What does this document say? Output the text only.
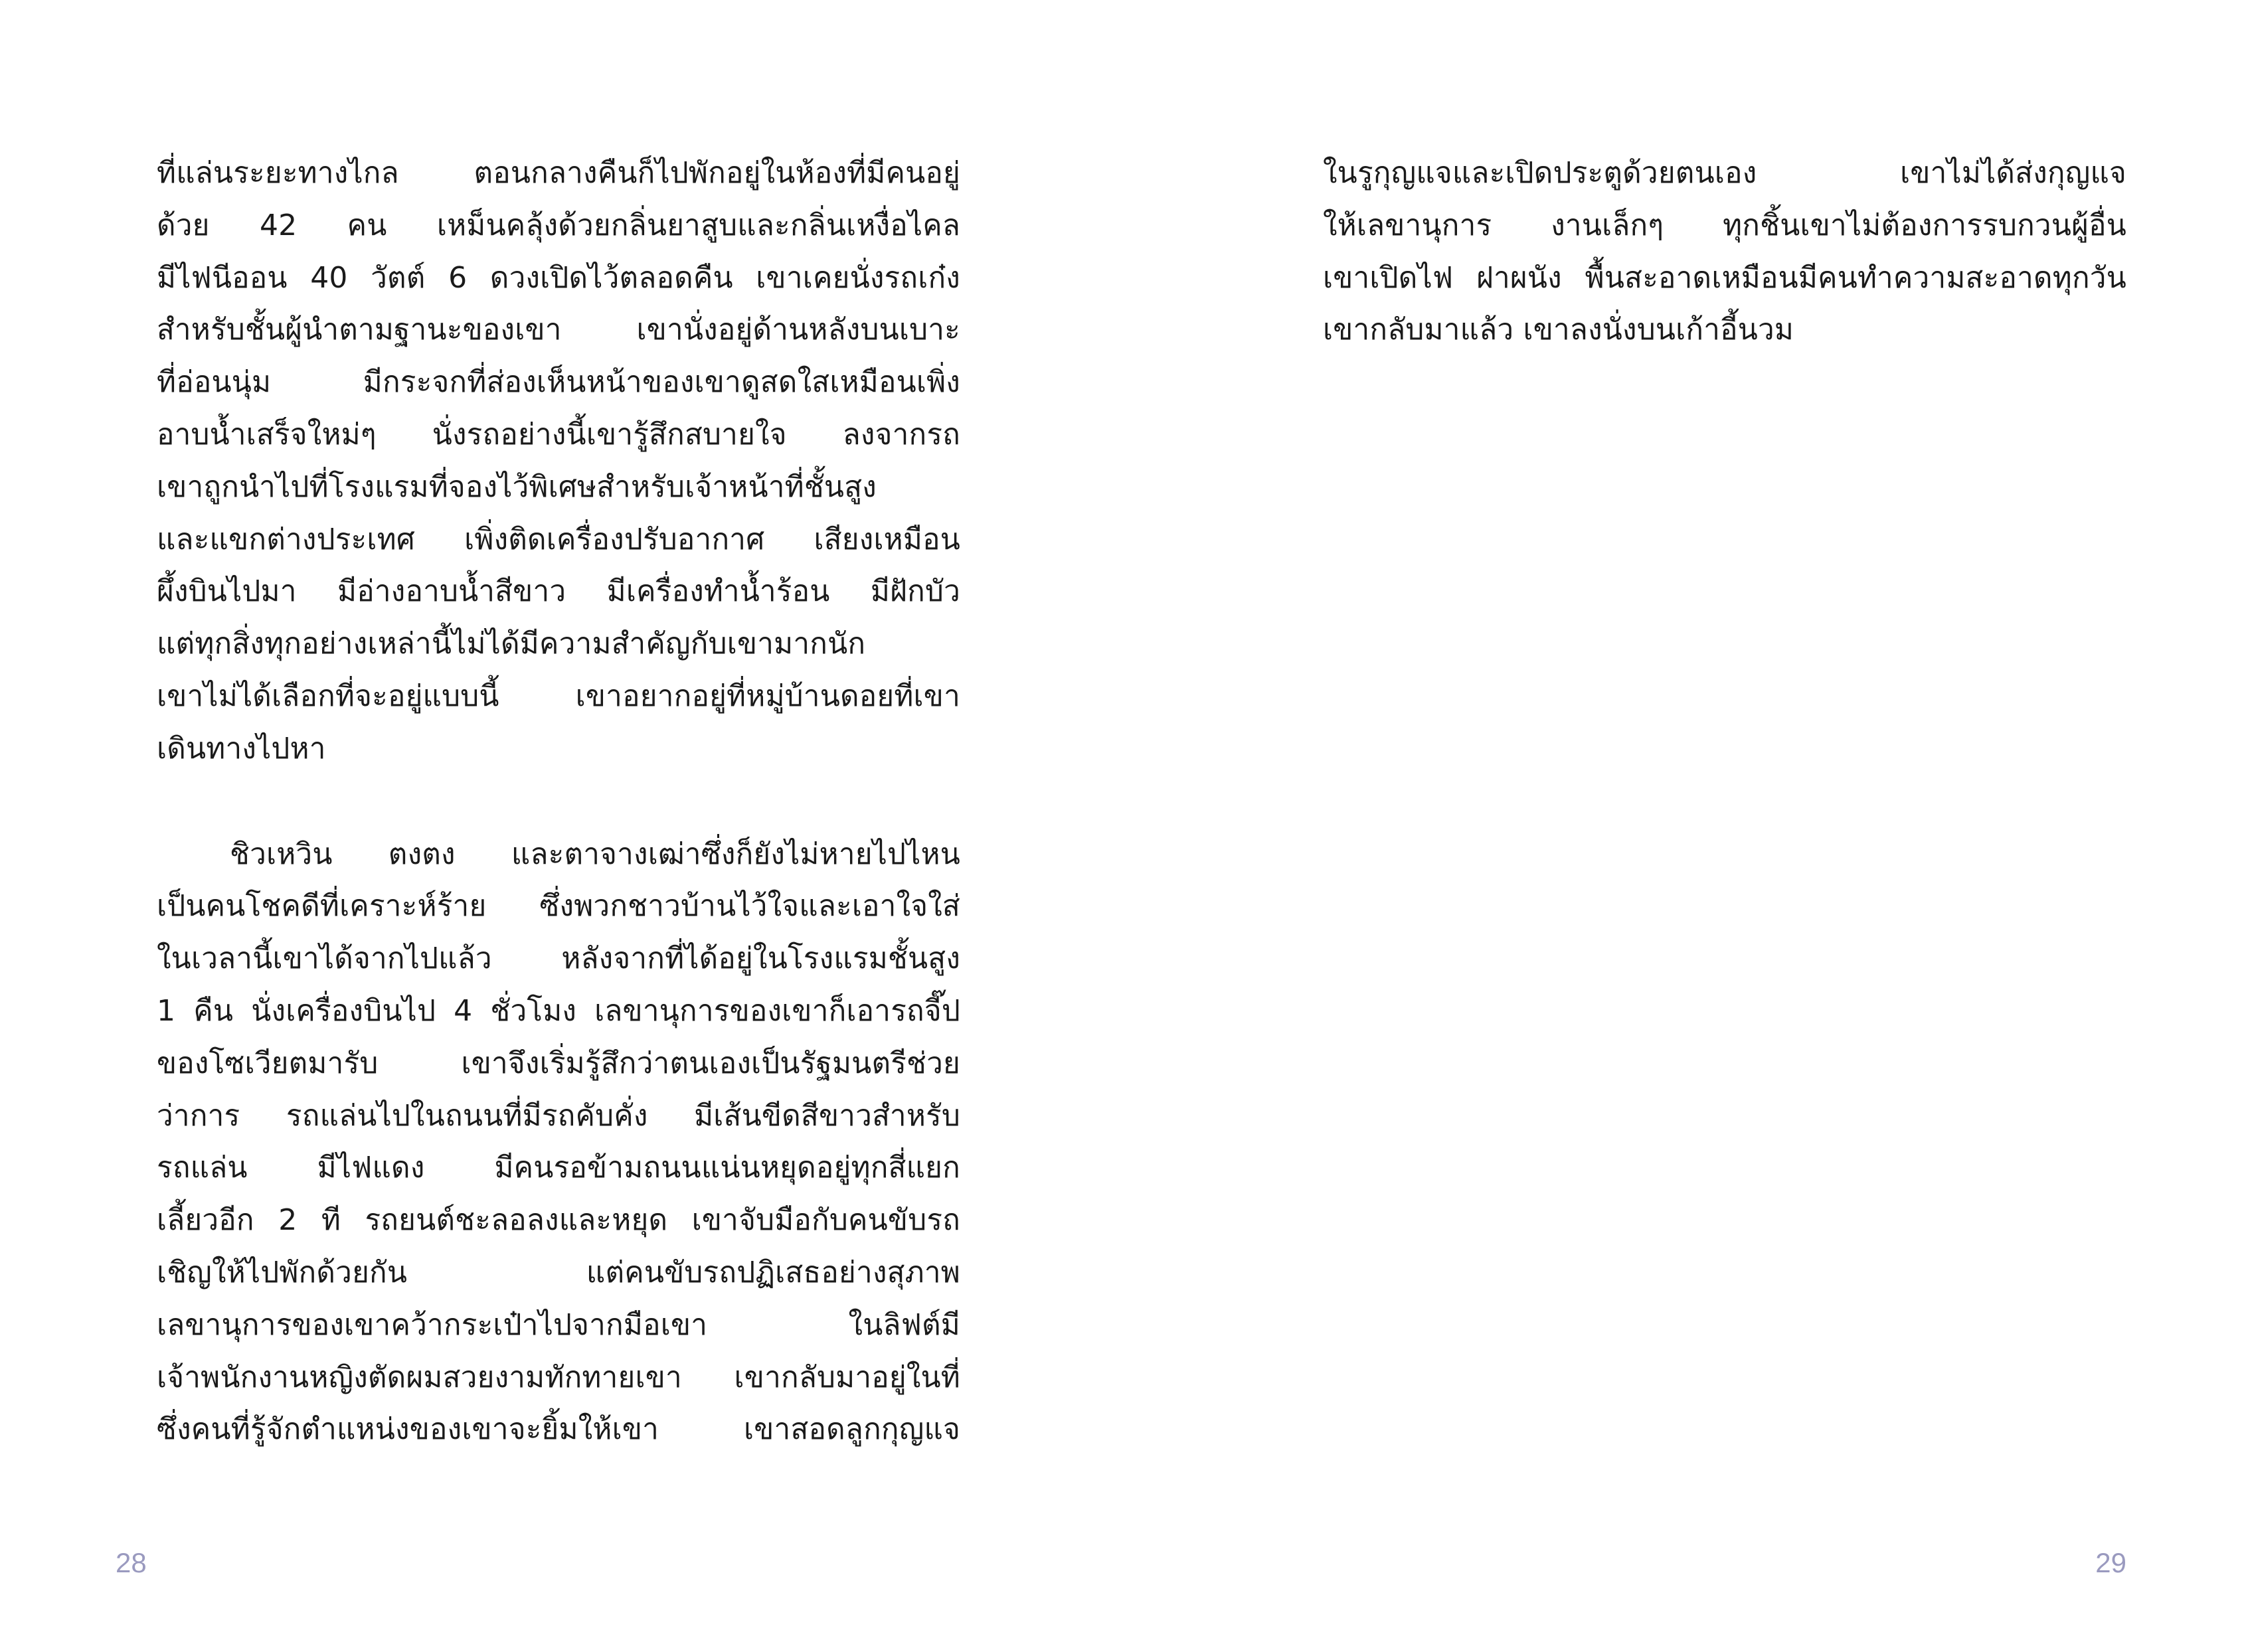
ที่แล่นระยะทางไกล ตอนกลางคืนก็ไปพักอยู่ในห้องที่มีคนอยู่
ด้วย 42 คน เหม็นคลุ้งด้วยกลิ่นยาสูบและกลิ่นเหงื่อไคล
มีไฟนีออน 40 วัตต์ 6 ดวงเปิดไว้ตลอดคืน เขาเคยนั่งรถเก๋ง
สำหรับชั้นผู้นำตามฐานะของเขา เขานั่งอยู่ด้านหลังบนเบาะ
ที่อ่อนนุ่ม มีกระจกที่ส่องเห็นหน้าของเขาดูสดใสเหมือนเพิ่ง
อาบน้ำเสร็จใหม่ๆ นั่งรถอย่างนี้เขารู้สึกสบายใจ ลงจากรถ
เขาถูกนำไปที่โรงแรมที่จองไว้พิเศษสำหรับเจ้าหน้าที่ชั้นสูง
และแขกต่างประเทศ เพิ่งติดเครื่องปรับอากาศ เสียงเหมือน
ผึ้งบินไปมา มีอ่างอาบน้ำสีขาว มีเครื่องทำน้ำร้อน มีฝักบัว
แต่ทุกสิ่งทุกอย่างเหล่านี้ไม่ได้มีความสำคัญกับเขามากนัก
เขาไม่ได้เลือกที่จะอยู่แบบนี้ เขาอยากอยู่ที่หมู่บ้านดอยที่เขา
เดินทางไปหา
ชิวเหวิน ตงตง และตาจางเฒ่าซึ่งก็ยังไม่หายไปไหน
เป็นคนโชคดีที่เคราะห์ร้าย ซึ่งพวกชาวบ้านไว้ใจและเอาใจใส่
ในเวลานี้เขาได้จากไปแล้ว หลังจากที่ได้อยู่ในโรงแรมชั้นสูง
1 คืน นั่งเครื่องบินไป 4 ชั่วโมง เลขานุการของเขาก็เอารถจี๊ป
ของโซเวียตมารับ เขาจึงเริ่มรู้สึกว่าตนเองเป็นรัฐมนตรีช่วย
ว่าการ รถแล่นไปในถนนที่มีรถคับคั่ง มีเส้นขีดสีขาวสำหรับ
รถแล่น มีไฟแดง มีคนรอข้ามถนนแน่นหยุดอยู่ทุกสี่แยก
เลี้ยวอีก 2 ที รถยนต์ชะลอลงและหยุด เขาจับมือกับคนขับรถ
เชิญให้ไปพักด้วยกัน แต่คนขับรถปฏิเสธอย่างสุภาพ
เลขานุการของเขาคว้ากระเป๋าไปจากมือเขา ในลิฟต์มี
เจ้าพนักงานหญิงตัดผมสวยงามทักทายเขา เขากลับมาอยู่ในที่
ซึ่งคนที่รู้จักตำแหน่งของเขาจะยิ้มให้เขา เขาสอดลูกกุญแจ
28
ในรูกุญแจและเปิดประตูด้วยตนเอง เขาไม่ได้ส่งกุญแจ
ให้เลขานุการ งานเล็กๆ ทุกชิ้นเขาไม่ต้องการรบกวนผู้อื่น
เขาเปิดไฟ ฝาผนัง พื้นสะอาดเหมือนมีคนทำความสะอาดทุกวัน
เขากลับมาแล้ว เขาลงนั่งบนเก้าอี้นวม
29
